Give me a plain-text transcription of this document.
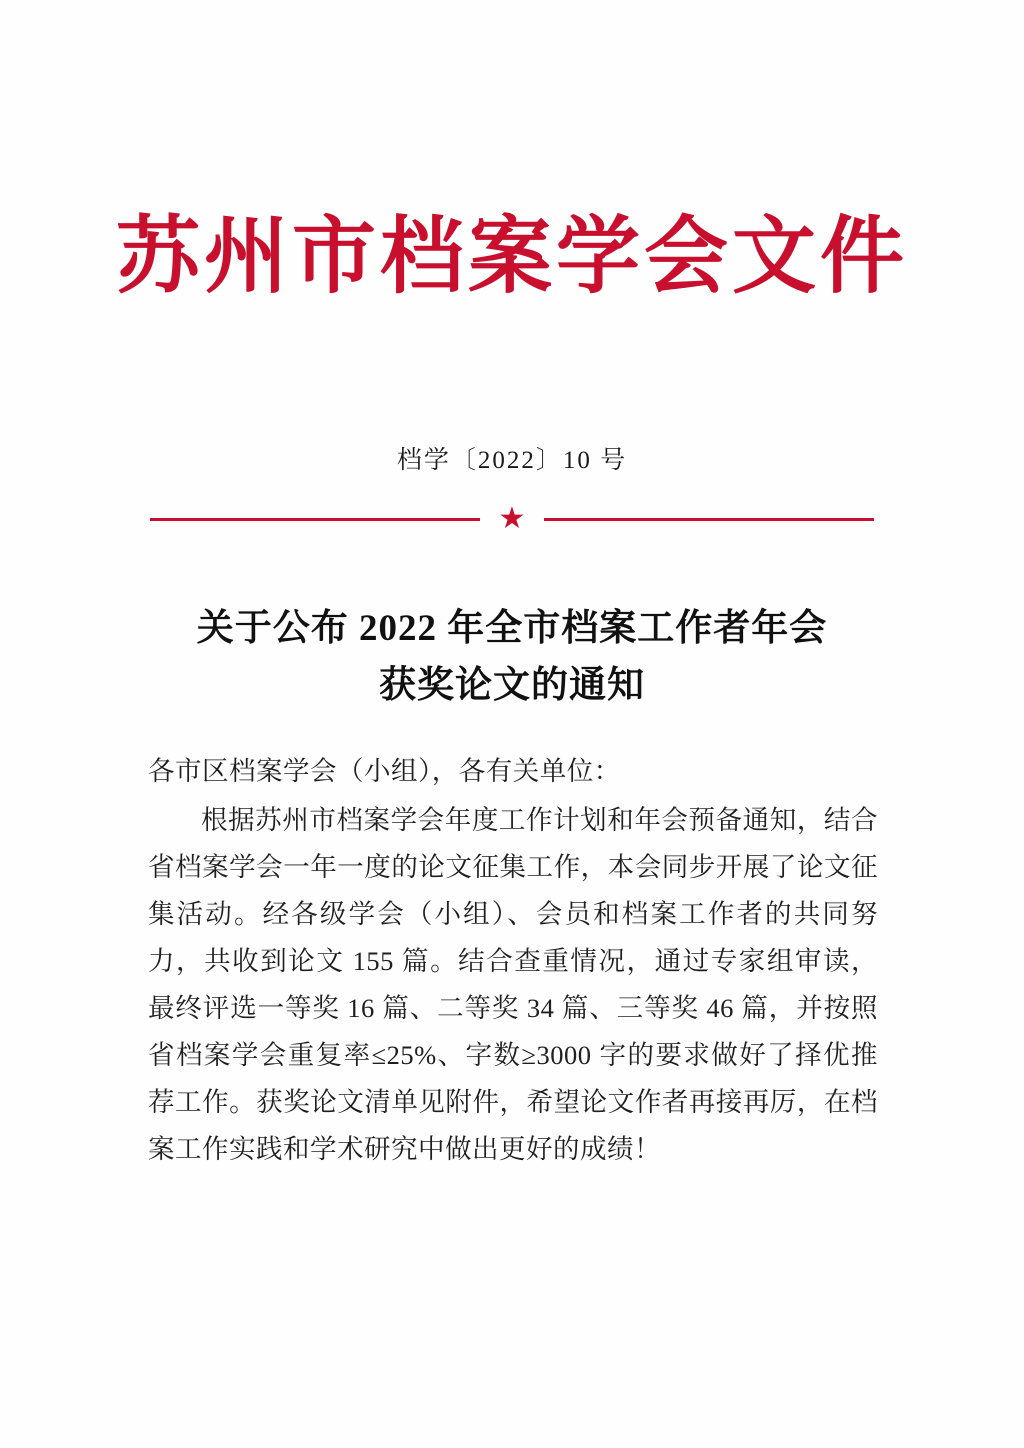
苏州市档案学会文件
档学〔2022〕10 号
★
关于公布 2022 年全市档案工作者年会
获奖论文的通知

各市区档案学会（小组），各有关单位：

根据苏州市档案学会年度工作计划和年会预备通知，结合省档案学会一年一度的论文征集工作，本会同步开展了论文征集活动。经各级学会（小组）、会员和档案工作者的共同努力，共收到论文 155 篇。结合查重情况，通过专家组审读，最终评选一等奖 16 篇、二等奖 34 篇、三等奖 46 篇，并按照省档案学会重复率≤25%、字数≥3000 字的要求做好了择优推荐工作。获奖论文清单见附件，希望论文作者再接再厉，在档案工作实践和学术研究中做出更好的成绩！
